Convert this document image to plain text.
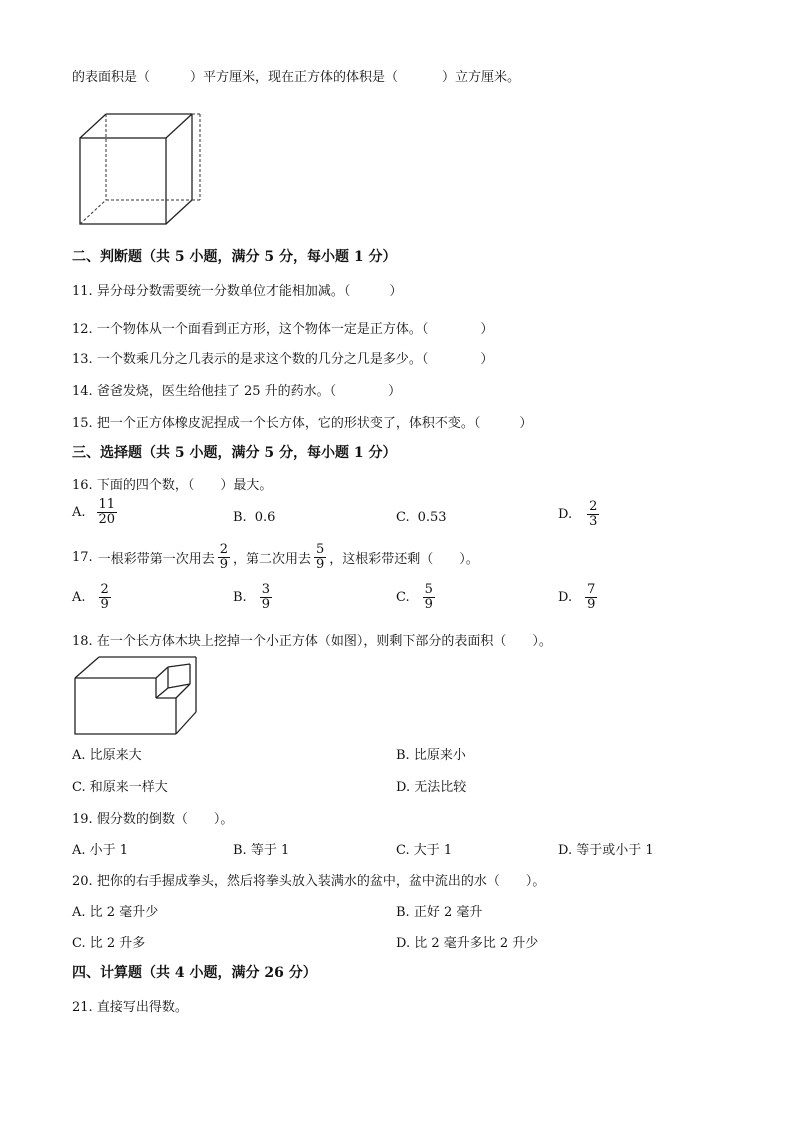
的表面积是（	）平方厘米，现在正方体的体积是（	）立方厘米。
二、判断题（共 5 小题，满分 5 分，每小题 1 分）
11. 异分母分数需要统一分数单位才能相加减。（　　　）
12. 一个物体从一个面看到正方形，这个物体一定是正方体。（　　　　）
13. 一个数乘几分之几表示的是求这个数的几分之几是多少。（　　　　）
14. 爸爸发烧，医生给他挂了 25 升的药水。（　　　　）
15. 把一个正方体橡皮泥捏成一个长方体，它的形状变了，体积不变。（　　　）
三、选择题（共 5 小题，满分 5 分，每小题 1 分）
16. 下面的四个数，（　　）最大。
A. $\frac{11}{20}$	B. 0.6	C. 0.53	D. $\frac{2}{3}$
17. 一根彩带第一次用去 $\frac{2}{9}$ ，第二次用去 $\frac{5}{9}$ ，这根彩带还剩（　　）。
A. $\frac{2}{9}$	B. $\frac{3}{9}$	C. $\frac{5}{9}$	D. $\frac{7}{9}$
18. 在一个长方体木块上挖掉一个小正方体（如图），则剩下部分的表面积（　　）。
A. 比原来大	B. 比原来小
C. 和原来一样大	D. 无法比较
19. 假分数的倒数（　　）。
A. 小于 1	B. 等于 1	C. 大于 1	D. 等于或小于 1
20. 把你的右手握成拳头，然后将拳头放入装满水的盆中，盆中流出的水（　　）。
A. 比 2 毫升少	B. 正好 2 毫升
C. 比 2 升多	D. 比 2 毫升多比 2 升少
四、计算题（共 4 小题，满分 26 分）
21. 直接写出得数。
